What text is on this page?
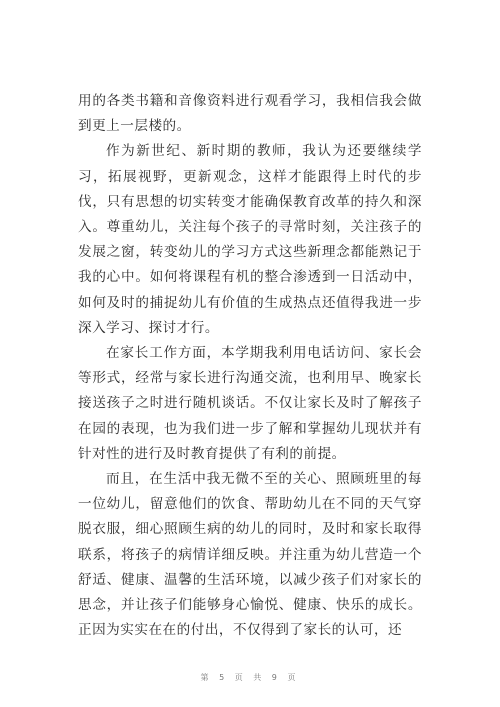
用的各类书籍和音像资料进行观看学习，我相信我会做到更上一层楼的。

作为新世纪、新时期的教师，我认为还要继续学习，拓展视野，更新观念，这样才能跟得上时代的步伐，只有思想的切实转变才能确保教育改革的持久和深入。尊重幼儿，关注每个孩子的寻常时刻，关注孩子的发展之窗，转变幼儿的学习方式这些新理念都能熟记于我的心中。如何将课程有机的整合渗透到一日活动中，如何及时的捕捉幼儿有价值的生成热点还值得我进一步深入学习、探讨才行。

在家长工作方面，本学期我利用电话访问、家长会等形式，经常与家长进行沟通交流，也利用早、晚家长接送孩子之时进行随机谈话。不仅让家长及时了解孩子在园的表现，也为我们进一步了解和掌握幼儿现状并有针对性的进行及时教育提供了有利的前提。

而且，在生活中我无微不至的关心、照顾班里的每一位幼儿，留意他们的饮食、帮助幼儿在不同的天气穿脱衣服，细心照顾生病的幼儿的同时，及时和家长取得联系，将孩子的病情详细反映。并注重为幼儿营造一个舒适、健康、温馨的生活环境，以减少孩子们对家长的思念，并让孩子们能够身心愉悦、健康、快乐的成长。正因为实实在在的付出，不仅得到了家长的认可，还

第 5 页 共 9 页
